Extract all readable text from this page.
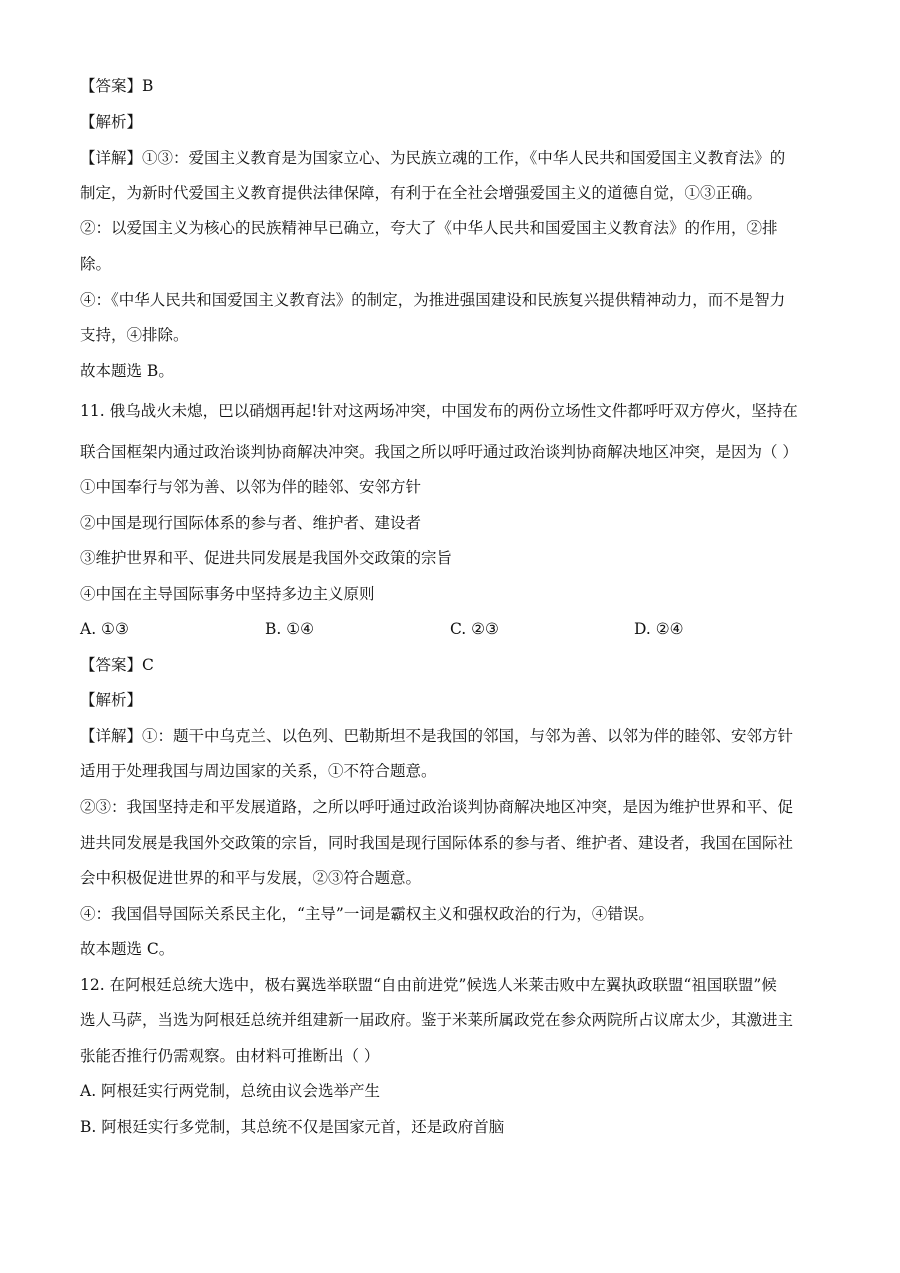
【答案】B
【解析】
【详解】①③：爱国主义教育是为国家立心、为民族立魂的工作，《中华人民共和国爱国主义教育法》的
制定，为新时代爱国主义教育提供法律保障，有利于在全社会增强爱国主义的道德自觉，①③正确。
②：以爱国主义为核心的民族精神早已确立，夸大了《中华人民共和国爱国主义教育法》的作用，②排
除。
④：《中华人民共和国爱国主义教育法》的制定，为推进强国建设和民族复兴提供精神动力，而不是智力
支持，④排除。
故本题选 B。
11. 俄乌战火未熄，巴以硝烟再起!针对这两场冲突，中国发布的两份立场性文件都呼吁双方停火，坚持在
联合国框架内通过政治谈判协商解决冲突。我国之所以呼吁通过政治谈判协商解决地区冲突，是因为（ ）
①中国奉行与邻为善、以邻为伴的睦邻、安邻方针
②中国是现行国际体系的参与者、维护者、建设者
③维护世界和平、促进共同发展是我国外交政策的宗旨
④中国在主导国际事务中坚持多边主义原则
A. ①③	B. ①④	C. ②③	D. ②④
【答案】C
【解析】
【详解】①：题干中乌克兰、以色列、巴勒斯坦不是我国的邻国，与邻为善、以邻为伴的睦邻、安邻方针
适用于处理我国与周边国家的关系，①不符合题意。
②③：我国坚持走和平发展道路，之所以呼吁通过政治谈判协商解决地区冲突，是因为维护世界和平、促
进共同发展是我国外交政策的宗旨，同时我国是现行国际体系的参与者、维护者、建设者，我国在国际社
会中积极促进世界的和平与发展，②③符合题意。
④：我国倡导国际关系民主化，“主导”一词是霸权主义和强权政治的行为，④错误。
故本题选 C。
12. 在阿根廷总统大选中，极右翼选举联盟“自由前进党”候选人米莱击败中左翼执政联盟“祖国联盟”候
选人马萨，当选为阿根廷总统并组建新一届政府。鉴于米莱所属政党在参众两院所占议席太少，其激进主
张能否推行仍需观察。由材料可推断出（ ）
A. 阿根廷实行两党制，总统由议会选举产生
B. 阿根廷实行多党制，其总统不仅是国家元首，还是政府首脑
